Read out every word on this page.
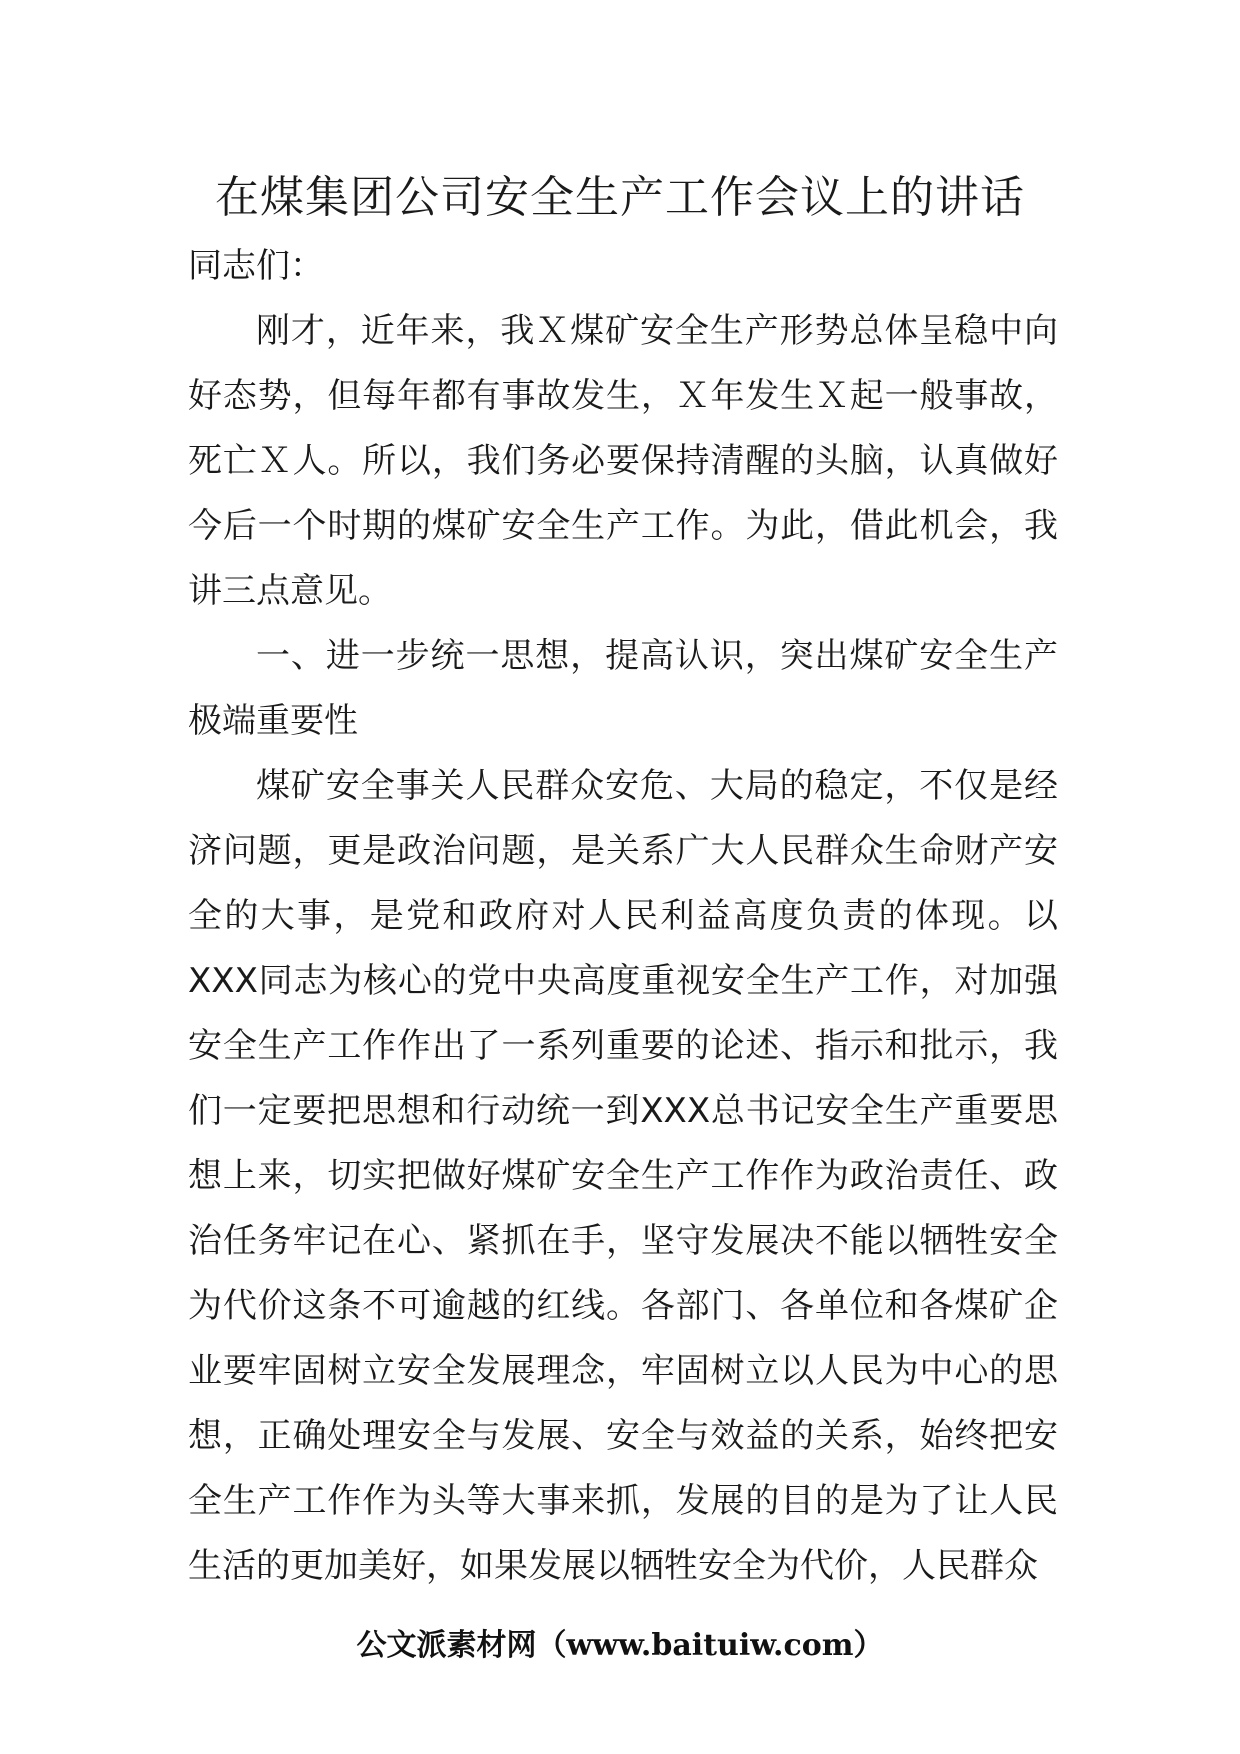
在煤集团公司安全生产工作会议上的讲话

同志们：

刚才，近年来，我Ｘ煤矿安全生产形势总体呈稳中向好态势，但每年都有事故发生，Ｘ年发生Ｘ起一般事故，死亡Ｘ人。所以，我们务必要保持清醒的头脑，认真做好今后一个时期的煤矿安全生产工作。为此，借此机会，我讲三点意见。

一、进一步统一思想，提高认识，突出煤矿安全生产极端重要性

煤矿安全事关人民群众安危、大局的稳定，不仅是经济问题，更是政治问题，是关系广大人民群众生命财产安全的大事，是党和政府对人民利益高度负责的体现。以XXX同志为核心的党中央高度重视安全生产工作，对加强安全生产工作作出了一系列重要的论述、指示和批示，我们一定要把思想和行动统一到XXX总书记安全生产重要思想上来，切实把做好煤矿安全生产工作作为政治责任、政治任务牢记在心、紧抓在手，坚守发展决不能以牺牲安全为代价这条不可逾越的红线。各部门、各单位和各煤矿企业要牢固树立安全发展理念，牢固树立以人民为中心的思想，正确处理安全与发展、安全与效益的关系，始终把安全生产工作作为头等大事来抓，发展的目的是为了让人民生活的更加美好，如果发展以牺牲安全为代价，人民群众

公文派素材网（www.baituiw.com）
